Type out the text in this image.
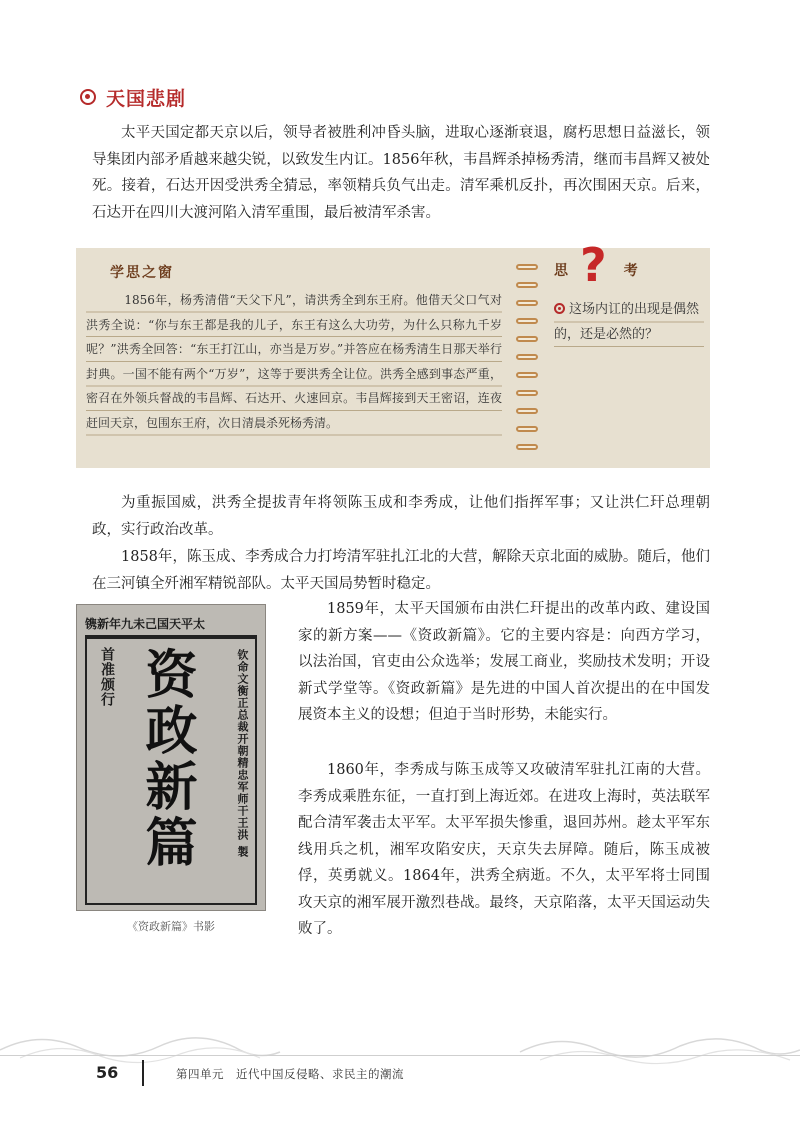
天国悲剧

太平天国定都天京以后，领导者被胜利冲昏头脑，进取心逐渐衰退，腐朽思想日益滋长，领导集团内部矛盾越来越尖锐，以致发生内讧。1856年秋，韦昌辉杀掉杨秀清，继而韦昌辉又被处死。接着，石达开因受洪秀全猜忌，率领精兵负气出走。清军乘机反扑，再次围困天京。后来，石达开在四川大渡河陷入清军重围，最后被清军杀害。

学思之窗

1856年，杨秀清借“天父下凡”，请洪秀全到东王府。他借天父口气对洪秀全说：“你与东王都是我的儿子，东王有这么大功劳，为什么只称九千岁呢？”洪秀全回答：“东王打江山，亦当是万岁。”并答应在杨秀清生日那天举行封典。一国不能有两个“万岁”，这等于要洪秀全让位。洪秀全感到事态严重，密召在外领兵督战的韦昌辉、石达开、火速回京。韦昌辉接到天王密诏，连夜赶回天京，包围东王府，次日清晨杀死杨秀清。

思	考
?

这场内讧的出现是偶然的，还是必然的？

为重振国威，洪秀全提拔青年将领陈玉成和李秀成，让他们指挥军事；又让洪仁玕总理朝政，实行政治改革。

1858年，陈玉成、李秀成合力打垮清军驻扎江北的大营，解除天京北面的威胁。随后，他们在三河镇全歼湘军精锐部队。太平天国局势暂时稳定。

太平天国己未九年新镌
首准颁行 资政新篇	钦命文衡正总裁开朝精忠军师干王洪 製
《资政新篇》书影

1859年，太平天国颁布由洪仁玕提出的改革内政、建设国家的新方案——《资政新篇》。它的主要内容是：向西方学习，以法治国，官吏由公众选举；发展工商业，奖励技术发明；开设新式学堂等。《资政新篇》是先进的中国人首次提出的在中国发展资本主义的设想；但迫于当时形势，未能实行。

1860年，李秀成与陈玉成等又攻破清军驻扎江南的大营。李秀成乘胜东征，一直打到上海近郊。在进攻上海时，英法联军配合清军袭击太平军。太平军损失惨重，退回苏州。趁太平军东线用兵之机，湘军攻陷安庆，天京失去屏障。随后，陈玉成被俘，英勇就义。1864年，洪秀全病逝。不久，太平军将士同围攻天京的湘军展开激烈巷战。最终，天京陷落，太平天国运动失败了。

56	第四单元　近代中国反侵略、求民主的潮流
